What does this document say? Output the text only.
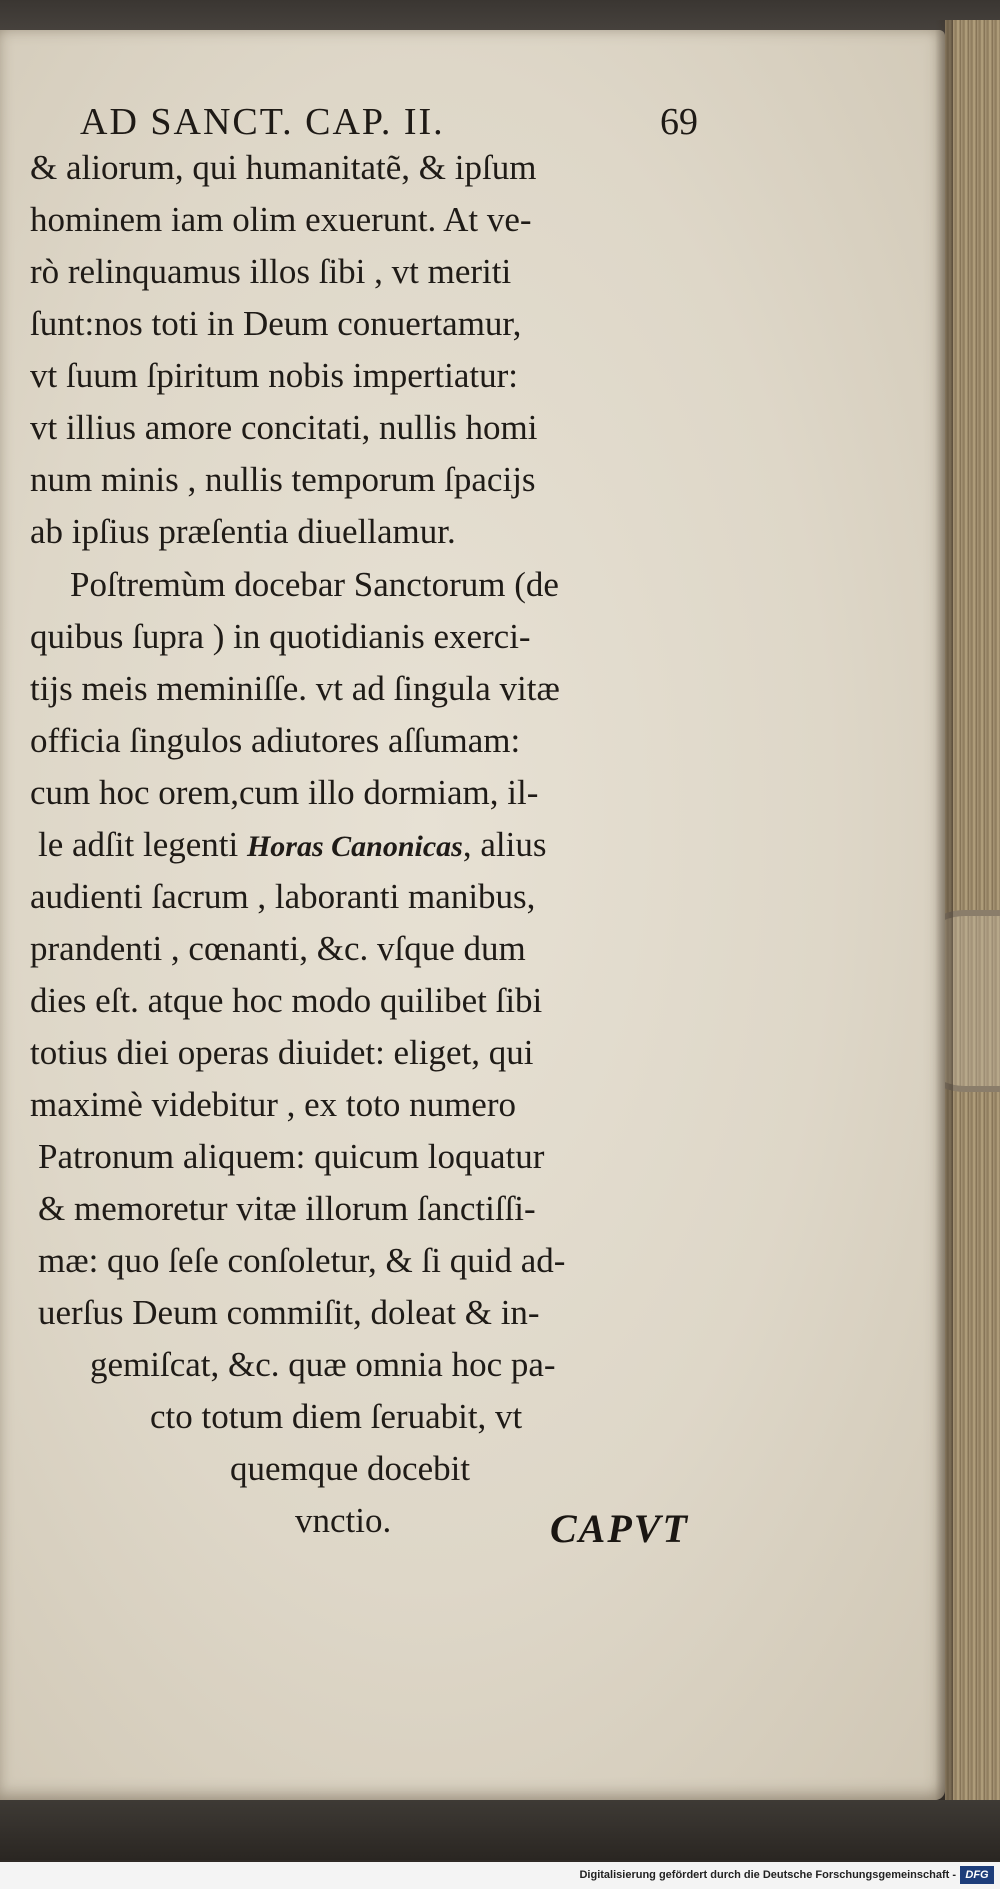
AD SANCT. CAP. II.	69
& aliorum, qui humanitatẽ, & ipſum
hominem iam olim exuerunt. At ve-
rò relinquamus illos ſibi , vt meriti
ſunt:nos toti in Deum conuertamur,
vt ſuum ſpiritum nobis impertiatur:
vt illius amore concitati, nullis homi
num minis , nullis temporum ſpacijs
ab ipſius præſentia diuellamur.
Poſtremùm docebar Sanctorum (de
quibus ſupra ) in quotidianis exerci-
tijs meis meminiſſe. vt ad ſingula vitæ
officia ſingulos adiutores aſſumam:
cum hoc orem,cum illo dormiam, il-
le adſit legenti Horas Canonicas, alius
audienti ſacrum , laboranti manibus,
prandenti , cœnanti, &c. vſque dum
dies eſt. atque hoc modo quilibet ſibi
totius diei operas diuidet: eliget, qui
maximè videbitur , ex toto numero
Patronum aliquem: quicum loquatur
& memoretur vitæ illorum ſanctiſſi-
mæ: quo ſeſe conſoletur, & ſi quid ad-
uerſus Deum commiſit, doleat & in-
gemiſcat, &c. quæ omnia hoc pa-
cto totum diem ſeruabit, vt
quemque docebit
vnctio.	CAPVT
Digitalisierung gefördert durch die Deutsche Forschungsgemeinschaft - DFG
